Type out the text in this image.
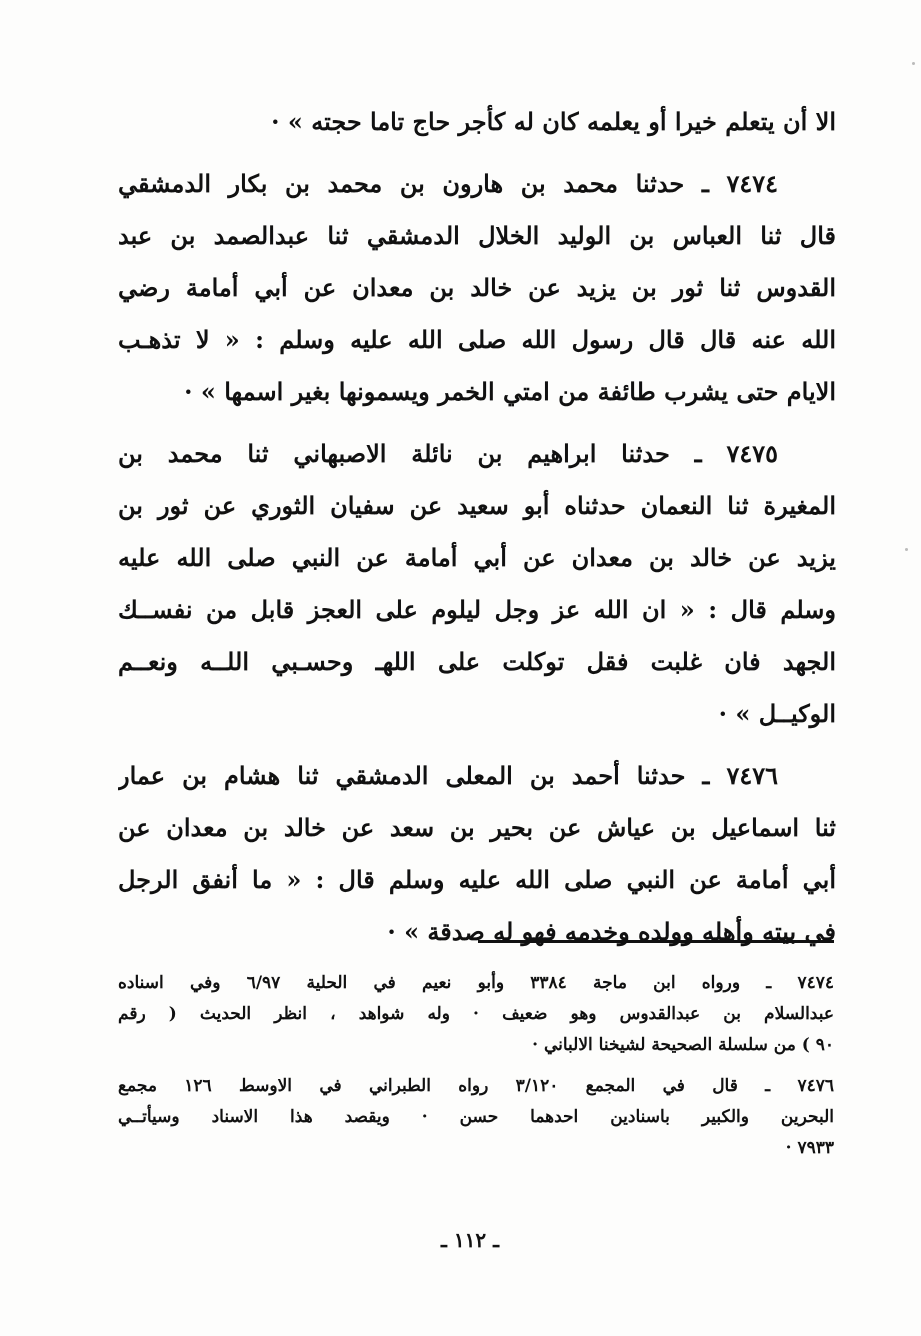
الا أن يتعلم خيرا أو يعلمه كان له كأجر حاج تاما حجته » ·

٧٤٧٤ ـ حدثنا محمد بن هارون بن محمد بن بكار الدمشقي
قال ثنا العباس بن الوليد الخلال الدمشقي ثنا عبدالصمد بن عبد
القدوس ثنا ثور بن يزيد عن خالد بن معدان عن أبي أمامة رضي
الله عنه قال قال رسول الله صلى الله عليه وسلم : « لا تذهـب
الايام حتى يشرب طائفة من امتي الخمر ويسمونها بغير اسمها » ·

٧٤٧٥ ـ حدثنا ابراهيم بن نائلة الاصبهاني ثنا محمد بن
المغيرة ثنا النعمان حدثناه أبو سعيد عن سفيان الثوري عن ثور بن
يزيد عن خالد بن معدان عن أبي أمامة عن النبي صلى الله عليه
وسلم قال : « ان الله عز وجل ليلوم على العجز قابل من نفســك
الجهد فان غلبت فقل توكلت على اللهـ وحسـبي اللــه ونعــم
الوكيــل » ·

٧٤٧٦ ـ حدثنا أحمد بن المعلى الدمشقي ثنا هشام بن عمار
ثنا اسماعيل بن عياش عن بحير بن سعد عن خالد بن معدان عن
أبي أمامة عن النبي صلى الله عليه وسلم قال : « ما أنفق الرجل
في بيته وأهله وولده وخدمه فهو له صدقة » ·

٧٤٧٤ ـ ورواه ابن ماجة ٣٣٨٤ وأبو نعيم في الحلية ٦/٩٧ وفي اسناده
عبدالسلام بن عبدالقدوس وهو ضعيف · وله شواهد ، انظر الحديث ( رقم
٩٠ ) من سلسلة الصحيحة لشيخنا الالباني ·
٧٤٧٦ ـ قال في المجمع ٣/١٢٠ رواه الطبراني في الاوسط ١٢٦ مجمع
البحرين والكبير باسنادين احدهما حسن · ويقصد هذا الاسناد وسيأتــي
٧٩٣٣ ·
ـ ١١٢ ـ
